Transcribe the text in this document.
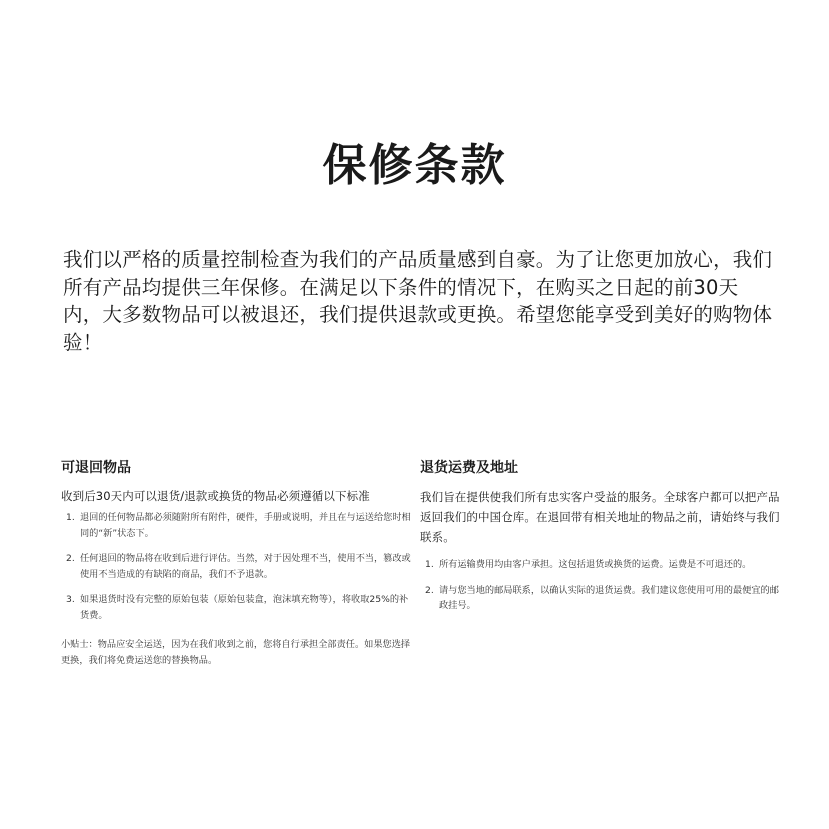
保修条款
我们以严格的质量控制检查为我们的产品质量感到自豪。为了让您更加放心，我们所有产品均提供三年保修。在满足以下条件的情况下，在购买之日起的前30天内，大多数物品可以被退还，我们提供退款或更换。希望您能享受到美好的购物体验！
可退回物品
收到后30天内可以退货/退款或换货的物品必须遵循以下标准
1. 退回的任何物品都必须随附所有附件，硬件，手册或说明，并且在与运送给您时相同的“新”状态下。
2. 任何退回的物品将在收到后进行评估。当然，对于因处理不当，使用不当，篡改或使用不当造成的有缺陷的商品，我们不予退款。
3. 如果退货时没有完整的原始包装（原始包装盒，泡沫填充物等），将收取25%的补货费。
小贴士：物品应安全运送，因为在我们收到之前，您将自行承担全部责任。如果您选择更换，我们将免费运送您的替换物品。
退货运费及地址
我们旨在提供使我们所有忠实客户受益的服务。全球客户都可以把产品返回我们的中国仓库。在退回带有相关地址的物品之前，请始终与我们联系。
1. 所有运输费用均由客户承担。这包括退货或换货的运费。运费是不可退还的。
2. 请与您当地的邮局联系，以确认实际的退货运费。我们建议您使用可用的最便宜的邮政挂号。
